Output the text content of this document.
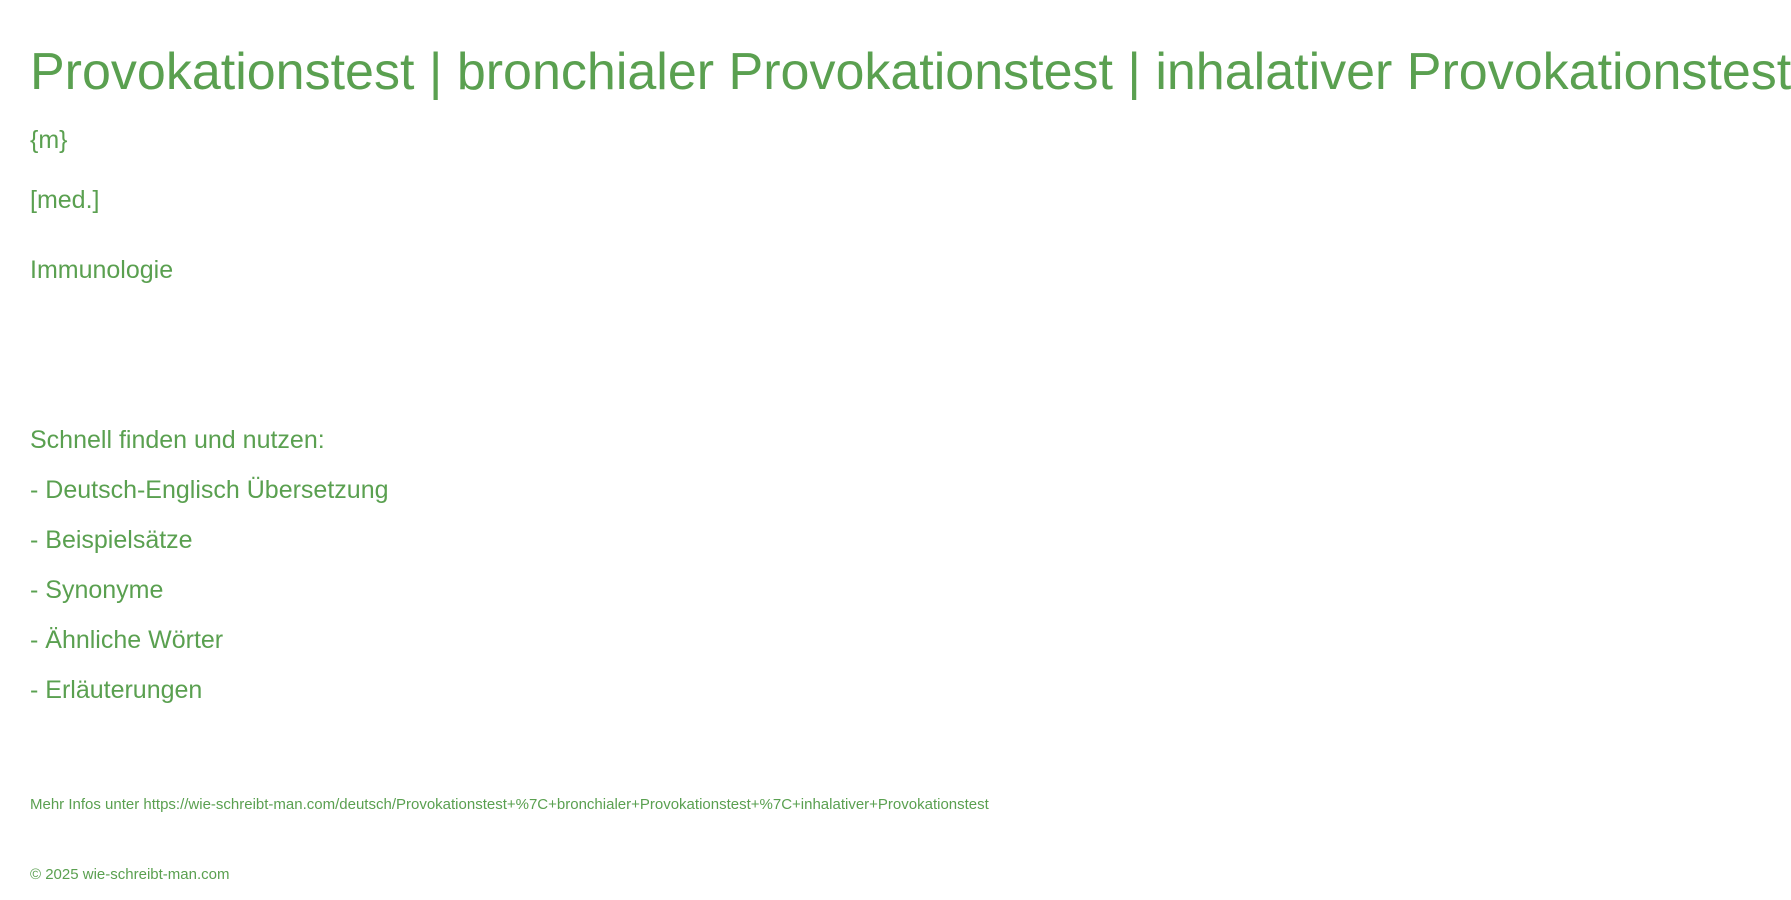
Provokationstest | bronchialer Provokationstest | inhalativer Provokationstest
{m}
[med.]
Immunologie
Schnell finden und nutzen:
- Deutsch-Englisch Übersetzung
- Beispielsätze
- Synonyme
- Ähnliche Wörter
- Erläuterungen
Mehr Infos unter https://wie-schreibt-man.com/deutsch/Provokationstest+%7C+bronchialer+Provokationstest+%7C+inhalativer+Provokationstest
© 2025 wie-schreibt-man.com
